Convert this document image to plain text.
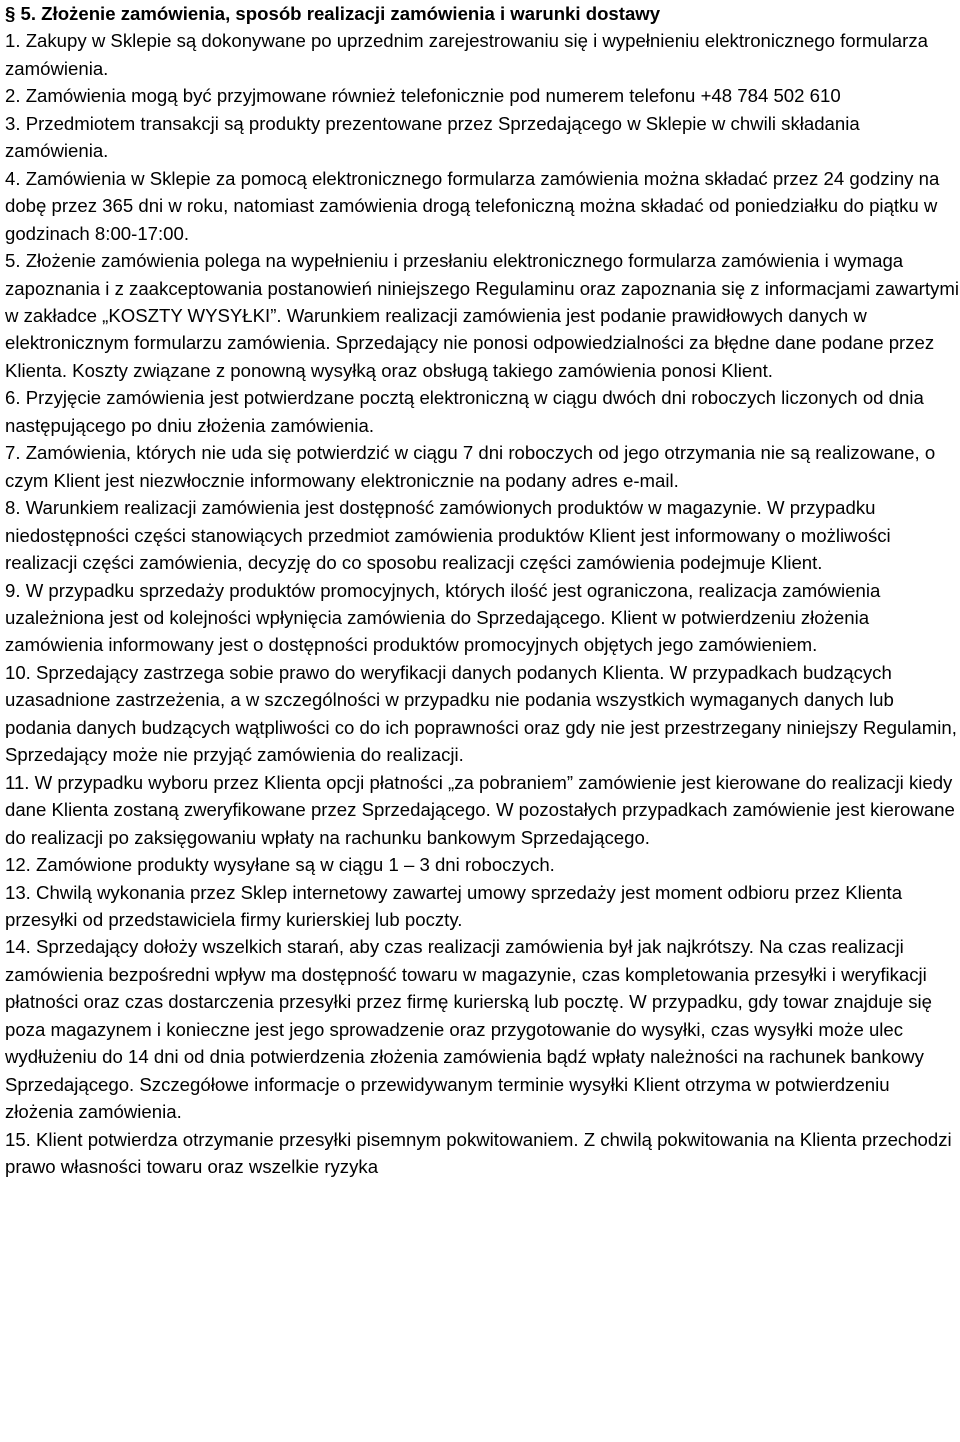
§ 5. Złożenie zamówienia, sposób realizacji zamówienia i warunki dostawy

1. Zakupy w Sklepie są dokonywane po uprzednim zarejestrowaniu się i wypełnieniu elektronicznego formularza zamówienia.

2. Zamówienia mogą być przyjmowane również telefonicznie pod numerem telefonu +48 784 502 610

3. Przedmiotem transakcji są produkty prezentowane przez Sprzedającego w Sklepie w chwili składania zamówienia.

4. Zamówienia w Sklepie za pomocą elektronicznego formularza zamówienia można składać przez 24 godziny na dobę przez 365 dni w roku, natomiast zamówienia drogą telefoniczną można składać od poniedziałku do piątku w godzinach 8:00-17:00.

5. Złożenie zamówienia polega na wypełnieniu i przesłaniu elektronicznego formularza zamówienia i wymaga zapoznania i z zaakceptowania postanowień niniejszego Regulaminu oraz zapoznania się z informacjami zawartymi w zakładce „KOSZTY WYSYŁKI”. Warunkiem realizacji zamówienia jest podanie prawidłowych danych w elektronicznym formularzu zamówienia. Sprzedający nie ponosi odpowiedzialności za błędne dane podane przez Klienta. Koszty związane z ponowną wysyłką oraz obsługą takiego zamówienia ponosi Klient.

6. Przyjęcie zamówienia jest potwierdzane pocztą elektroniczną w ciągu dwóch dni roboczych liczonych od dnia następującego po dniu złożenia zamówienia.

7. Zamówienia, których nie uda się potwierdzić w ciągu 7 dni roboczych od jego otrzymania nie są realizowane, o czym Klient jest niezwłocznie informowany elektronicznie na podany adres e-mail.

8. Warunkiem realizacji zamówienia jest dostępność zamówionych produktów w magazynie. W przypadku niedostępności części stanowiących przedmiot zamówienia produktów Klient jest informowany o możliwości realizacji części zamówienia, decyzję do co sposobu realizacji części zamówienia podejmuje Klient.

9. W przypadku sprzedaży produktów promocyjnych, których ilość jest ograniczona, realizacja zamówienia uzależniona jest od kolejności wpłynięcia zamówienia do Sprzedającego. Klient w potwierdzeniu złożenia zamówienia informowany jest o dostępności produktów promocyjnych objętych jego zamówieniem.

10. Sprzedający zastrzega sobie prawo do weryfikacji danych podanych Klienta. W przypadkach budzących uzasadnione zastrzeżenia, a w szczególności w przypadku nie podania wszystkich wymaganych danych lub podania danych budzących wątpliwości co do ich poprawności oraz gdy nie jest przestrzegany niniejszy Regulamin, Sprzedający może nie przyjąć zamówienia do realizacji.

11. W przypadku wyboru przez Klienta opcji płatności „za pobraniem” zamówienie jest kierowane do realizacji kiedy dane Klienta zostaną zweryfikowane przez Sprzedającego. W pozostałych przypadkach zamówienie jest kierowane do realizacji po zaksięgowaniu wpłaty na rachunku bankowym Sprzedającego.

12. Zamówione produkty wysyłane są w ciągu 1 – 3 dni roboczych.

13. Chwilą wykonania przez Sklep internetowy zawartej umowy sprzedaży jest moment odbioru przez Klienta przesyłki od przedstawiciela firmy kurierskiej lub poczty.

14. Sprzedający dołoży wszelkich starań, aby czas realizacji zamówienia był jak najkrótszy. Na czas realizacji zamówienia bezpośredni wpływ ma dostępność towaru w magazynie, czas kompletowania przesyłki i weryfikacji płatności oraz czas dostarczenia przesyłki przez firmę kurierską lub pocztę. W przypadku, gdy towar znajduje się poza magazynem i konieczne jest jego sprowadzenie oraz przygotowanie do wysyłki, czas wysyłki może ulec wydłużeniu do 14 dni od dnia potwierdzenia złożenia zamówienia bądź wpłaty należności na rachunek bankowy Sprzedającego. Szczegółowe informacje o przewidywanym terminie wysyłki Klient otrzyma w potwierdzeniu złożenia zamówienia.

15. Klient potwierdza otrzymanie przesyłki pisemnym pokwitowaniem. Z chwilą pokwitowania na Klienta przechodzi prawo własności towaru oraz wszelkie ryzyka
